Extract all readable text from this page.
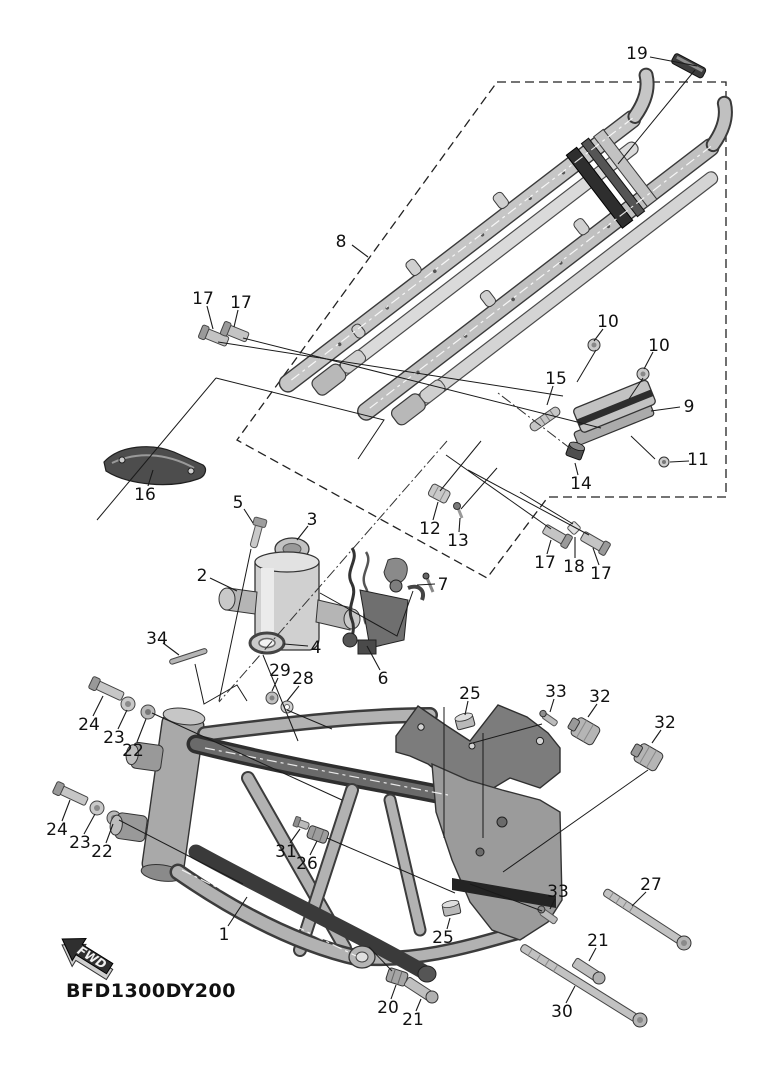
19
8
17 17
10
10
15
9
11
14
16
12
13
5
3
2	7
4
6
17 18 17
34
29 28
24
23
22
24
23 22
25	33 32
32
31
26
1	25
27
33
30
21
20
21
FWD
BFD1300DY200
